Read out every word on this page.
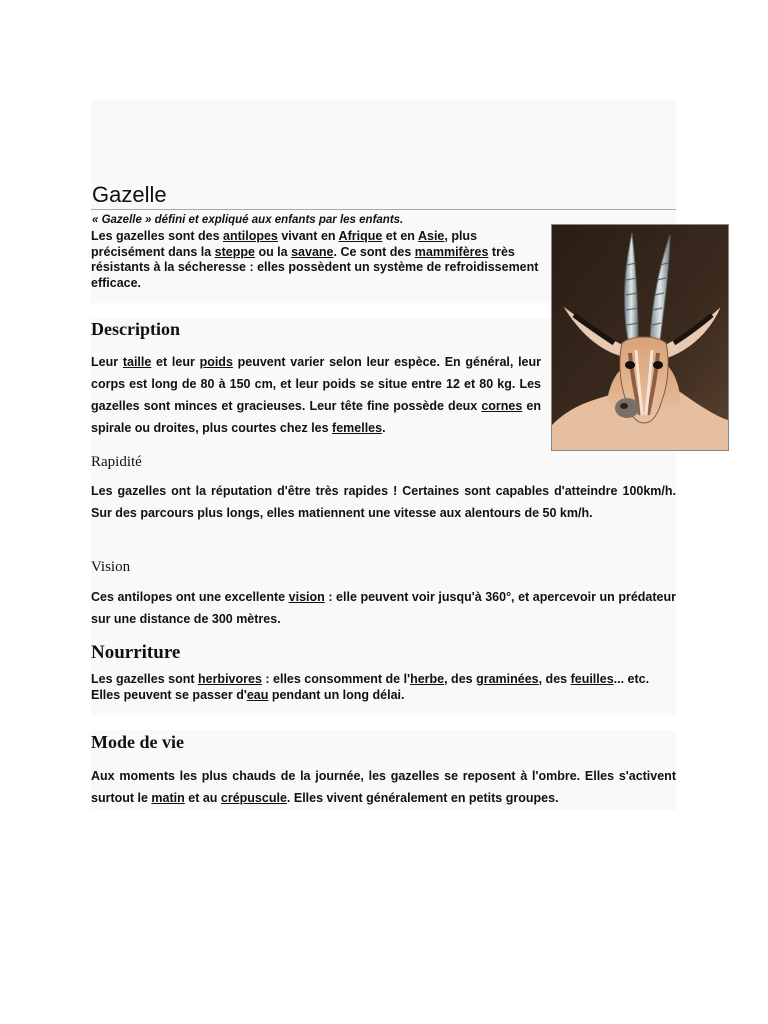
Gazelle
« Gazelle » défini et expliqué aux enfants par les enfants.
Les gazelles sont des antilopes vivant en Afrique et en Asie, plus précisément dans la steppe ou la savane. Ce sont des mammifères très résistants à la sécheresse : elles possèdent un système de refroidissement efficace.
Description
Leur taille et leur poids peuvent varier selon leur espèce. En général, leur corps est long de 80 à 150 cm, et leur poids se situe entre 12 et 80 kg. Les gazelles sont minces et gracieuses. Leur tête fine possède deux cornes en spirale ou droites, plus courtes chez les femelles.
Rapidité
Les gazelles ont la réputation d'être très rapides ! Certaines sont capables d'atteindre 100km/h. Sur des parcours plus longs, elles matiennent une vitesse aux alentours de 50 km/h.
Vision
Ces antilopes ont une excellente vision : elle peuvent voir jusqu'à 360°, et apercevoir un prédateur sur une distance de 300 mètres.
Nourriture
Les gazelles sont herbivores : elles consomment de l'herbe, des graminées, des feuilles... etc. Elles peuvent se passer d'eau pendant un long délai.
Mode de vie
Aux moments les plus chauds de la journée, les gazelles se reposent à l'ombre. Elles s'activent surtout le matin et au crépuscule. Elles vivent généralement en petits groupes.
